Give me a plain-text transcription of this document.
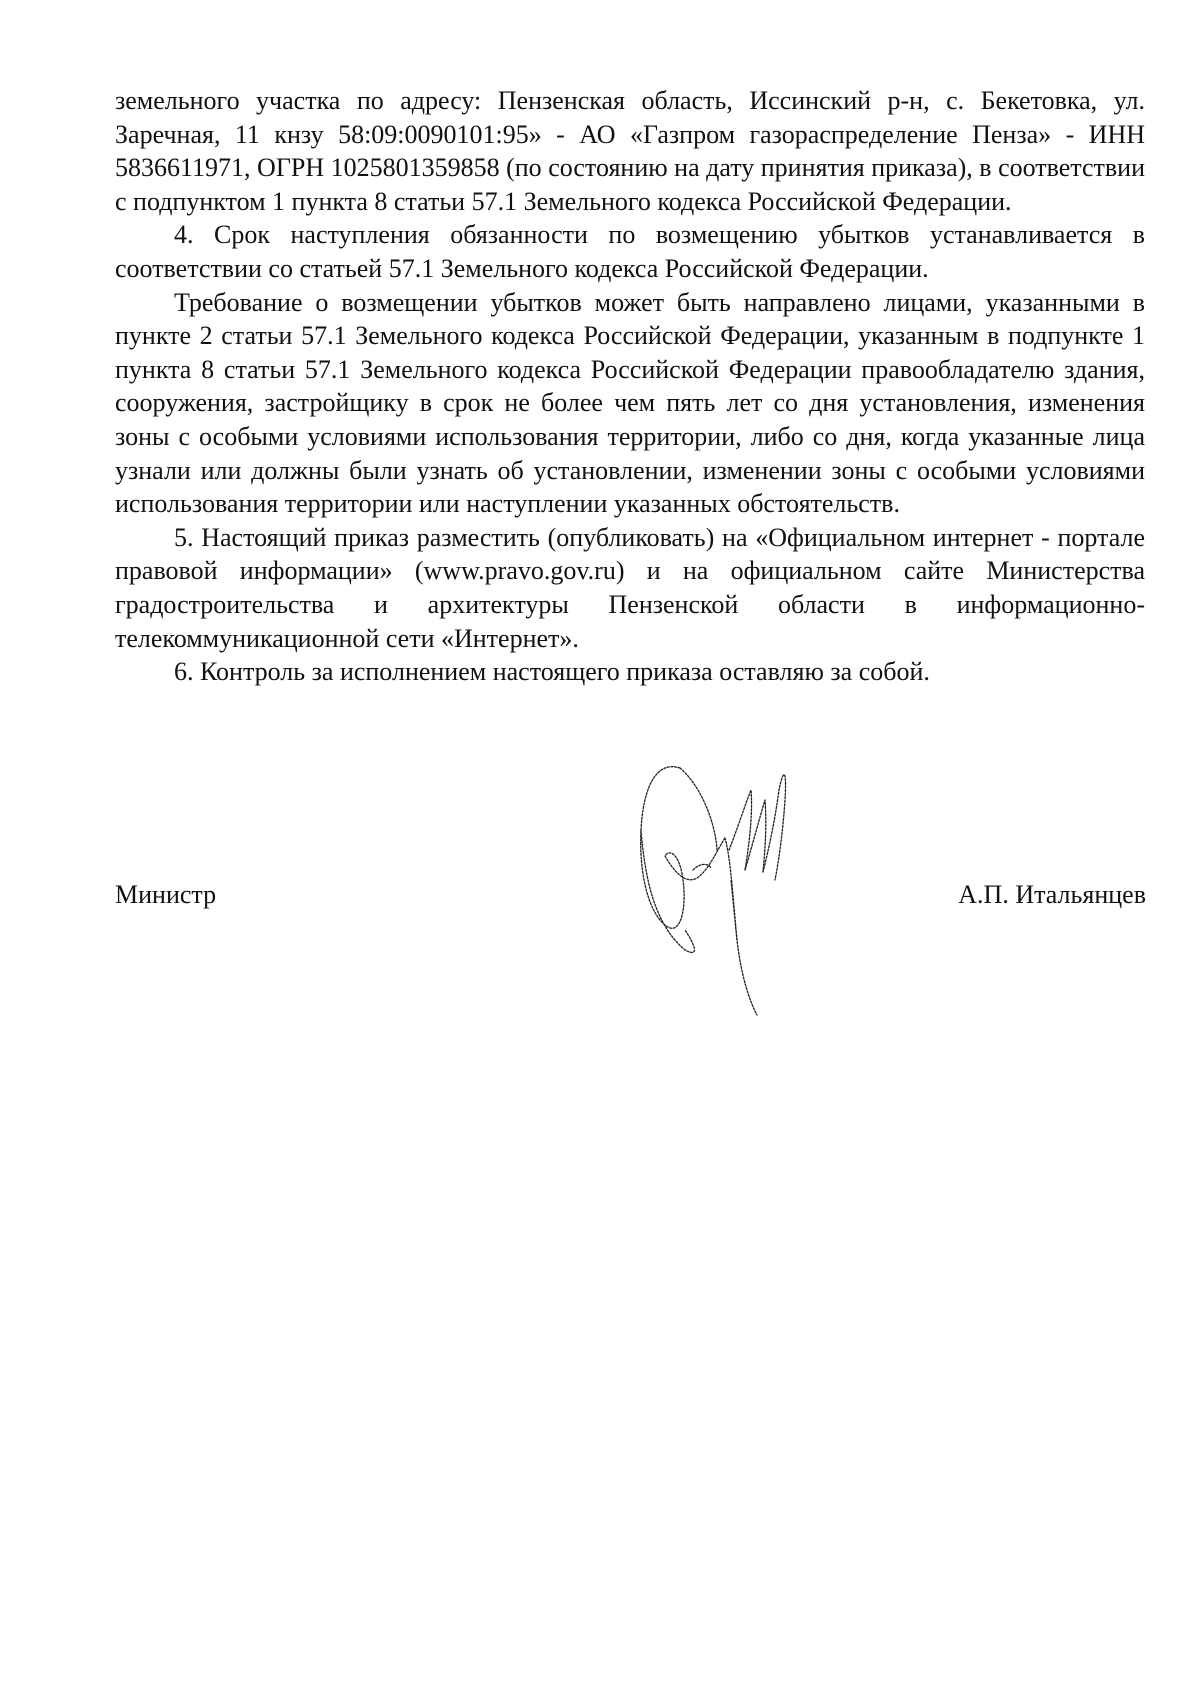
земельного участка по адресу: Пензенская область, Иссинский р-н, с. Бекетовка, ул. Заречная, 11 кнзу 58:09:0090101:95» - АО «Газпром газораспределение Пенза» - ИНН 5836611971, ОГРН 1025801359858 (по состоянию на дату принятия приказа), в соответствии с подпунктом 1 пункта 8 статьи 57.1 Земельного кодекса Российской Федерации.

4. Срок наступления обязанности по возмещению убытков устанавливается в соответствии со статьей 57.1 Земельного кодекса Российской Федерации.

Требование о возмещении убытков может быть направлено лицами, указанными в пункте 2 статьи 57.1 Земельного кодекса Российской Федерации, указанным в подпункте 1 пункта 8 статьи 57.1 Земельного кодекса Российской Федерации правообладателю здания, сооружения, застройщику в срок не более чем пять лет со дня установления, изменения зоны с особыми условиями использования территории, либо со дня, когда указанные лица узнали или должны были узнать об установлении, изменении зоны с особыми условиями использования территории или наступлении указанных обстоятельств.

5. Настоящий приказ разместить (опубликовать) на «Официальном интернет - портале правовой информации» (www.pravo.gov.ru) и на официальном сайте Министерства градостроительства и архитектуры Пензенской области в информационно-телекоммуникационной сети «Интернет».

6. Контроль за исполнением настоящего приказа оставляю за собой.

Министр	А.П. Итальянцев
